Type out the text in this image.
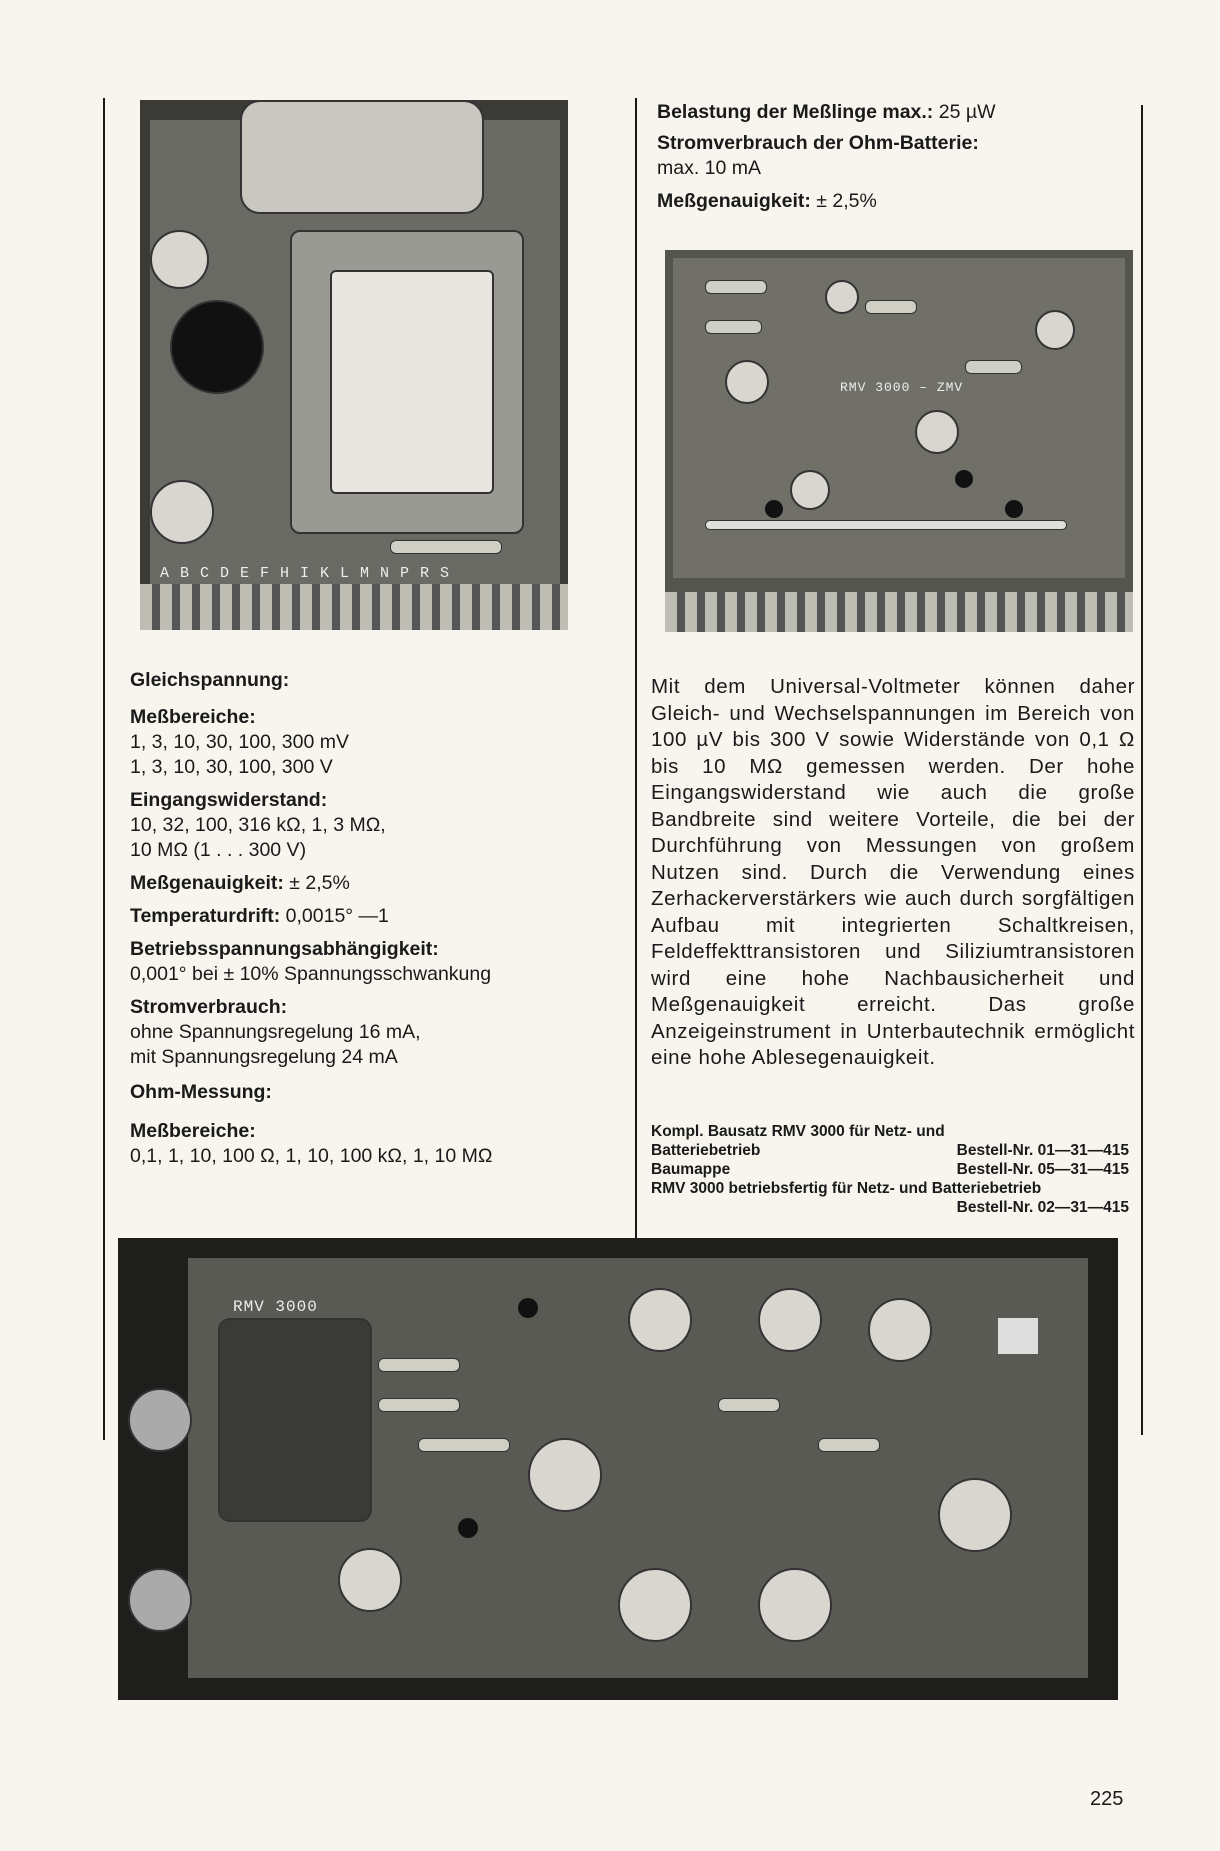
A B C D E F H I K L M N P R S
Belastung der Meßlinge max.: 25 µW
Stromverbrauch der Ohm-Batterie:
max. 10 mA
Meßgenauigkeit: ± 2,5%
RMV 3000 – ZMV
Gleichspannung:
Meßbereiche:
1, 3, 10, 30, 100, 300 mV
1, 3, 10, 30, 100, 300 V
Eingangswiderstand:
10, 32, 100, 316 kΩ, 1, 3 MΩ,
10 MΩ (1 . . . 300 V)
Meßgenauigkeit: ± 2,5%
Temperaturdrift: 0,0015° —1
Betriebsspannungsabhängigkeit:
0,001° bei ± 10% Spannungsschwankung
Stromverbrauch:
ohne Spannungsregelung 16 mA,
mit Spannungsregelung 24 mA
Ohm-Messung:
Meßbereiche:
0,1, 1, 10, 100 Ω, 1, 10, 100 kΩ, 1, 10 MΩ
Mit dem Universal-Voltmeter können daher Gleich- und Wechselspannungen im Bereich von 100 µV bis 300 V sowie Widerstände von 0,1 Ω bis 10 MΩ gemessen werden. Der hohe Eingangswiderstand wie auch die große Bandbreite sind weitere Vorteile, die bei der Durchführung von Messungen von großem Nutzen sind. Durch die Verwendung eines Zerhackerverstärkers wie auch durch sorgfältigen Aufbau mit integrierten Schaltkreisen, Feldeffekttransistoren und Siliziumtransistoren wird eine hohe Nachbausicherheit und Meßgenauigkeit erreicht. Das große Anzeigeinstrument in Unterbautechnik ermöglicht eine hohe Ablesegenauigkeit.
Kompl. Bausatz RMV 3000 für Netz- und
Batteriebetrieb	Bestell-Nr. 01—31—415
Baumappe	Bestell-Nr. 05—31—415
RMV 3000 betriebsfertig für Netz- und Batteriebetrieb
Bestell-Nr. 02—31—415
RMV 3000
225
